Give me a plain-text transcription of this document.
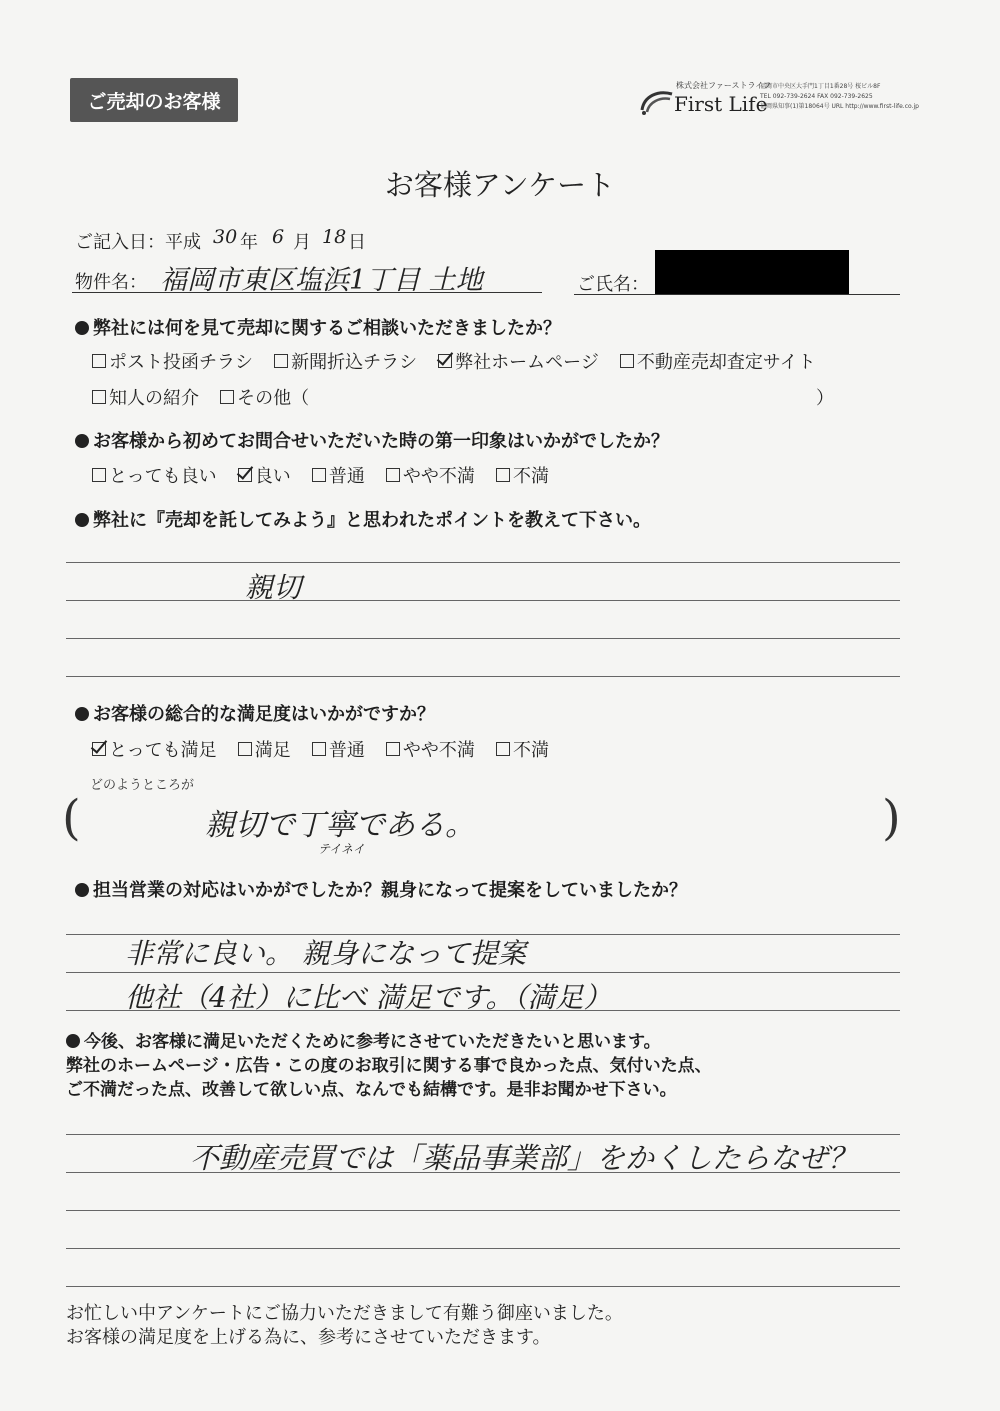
ご売却のお客様
株式会社ファーストライフ
First Life
福岡市中央区大手門1丁目1番28号 桜ビル8F
TEL 092-739-2624 FAX 092-739-2625
福岡県知事(1)第18064号 URL http://www.first-life.co.jp
お客様アンケート
ご記入日：平成 30 年 6 月 18 日
物件名： 福岡市東区塩浜1丁目 土地	ご氏名：
弊社には何を見て売却に関するご相談いただきましたか？
ポスト投函チラシ
新聞折込チラシ
弊社ホームページ
不動産売却査定サイト
知人の紹介
その他（	）
お客様から初めてお問合せいただいた時の第一印象はいかがでしたか？
とっても良い
良い
普通
やや不満
不満
弊社に『売却を託してみよう』と思われたポイントを教えて下さい。
親切
お客様の総合的な満足度はいかがですか？
とっても満足
満足
普通
やや不満
不満
どのようところが
(	)
親切で丁寧である。
テイネイ
担当営業の対応はいかがでしたか？親身になって提案をしていましたか？
非常に良い。 親身になって提案
他社（4社）に比べ 満足です。（満足）
今後、お客様に満足いただくために参考にさせていただきたいと思います。
弊社のホームページ・広告・この度のお取引に関する事で良かった点、気付いた点、
ご不満だった点、改善して欲しい点、なんでも結構です。是非お聞かせ下さい。
不動産売買では「薬品事業部」をかくしたらなぜ？
お忙しい中アンケートにご協力いただきまして有難う御座いました。
お客様の満足度を上げる為に、参考にさせていただきます。
